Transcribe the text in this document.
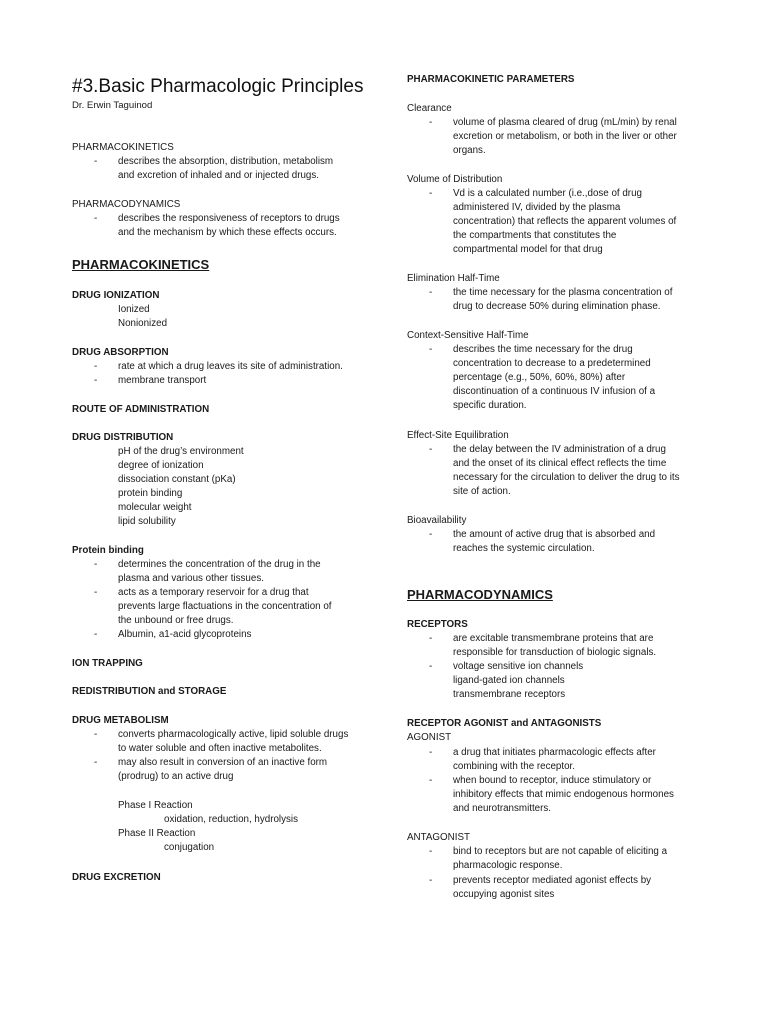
#3.Basic Pharmacologic Principles
Dr. Erwin Taguinod
PHARMACOKINETICS
- describes the absorption, distribution, metabolism
and excretion of inhaled and or injected drugs.
PHARMACODYNAMICS
- describes the responsiveness of receptors to drugs
and the mechanism by which these effects occurs.
PHARMACOKINETICS
DRUG IONIZATION
Ionized
Nonionized
DRUG ABSORPTION
- rate at which a drug leaves its site of administration.
- membrane transport
ROUTE OF ADMINISTRATION
DRUG DISTRIBUTION
pH of the drug’s environment
degree of ionization
dissociation constant (pKa)
protein binding
molecular weight
lipid solubility
Protein binding
- determines the concentration of the drug in the
plasma and various other tissues.
- acts as a temporary reservoir for a drug that
prevents large flactuations in the concentration of
the unbound or free drugs.
- Albumin, a1-acid glycoproteins
ION TRAPPING
REDISTRIBUTION and STORAGE
DRUG METABOLISM
- converts pharmacologically active, lipid soluble drugs
to water soluble and often inactive metabolites.
- may also result in conversion of an inactive form
(prodrug) to an active drug
Phase I Reaction
oxidation, reduction, hydrolysis
Phase II Reaction
conjugation
DRUG EXCRETION
PHARMACOKINETIC PARAMETERS
Clearance
- volume of plasma cleared of drug (mL/min) by renal
excretion or metabolism, or both in the liver or other
organs.
Volume of Distribution
- Vd is a calculated number (i.e.,dose of drug
administered IV, divided by the plasma
concentration) that reflects the apparent volumes of
the compartments that constitutes the
compartmental model for that drug
Elimination Half-Time
- the time necessary for the plasma concentration of
drug to decrease 50% during elimination phase.
Context-Sensitive Half-Time
- describes the time necessary for the drug
concentration to decrease to a predetermined
percentage (e.g., 50%, 60%, 80%) after
discontinuation of a continuous IV infusion of a
specific duration.
Effect-Site Equilibration
- the delay between the IV administration of a drug
and the onset of its clinical effect reflects the time
necessary for the circulation to deliver the drug to its
site of action.
Bioavailability
- the amount of active drug that is absorbed and
reaches the systemic circulation.
PHARMACODYNAMICS
RECEPTORS
- are excitable transmembrane proteins that are
responsible for transduction of biologic signals.
- voltage sensitive ion channels
ligand-gated ion channels
transmembrane receptors
RECEPTOR AGONIST and ANTAGONISTS
AGONIST
- a drug that initiates pharmacologic effects after
combining with the receptor.
- when bound to receptor, induce stimulatory or
inhibitory effects that mimic endogenous hormones
and neurotransmitters.
ANTAGONIST
- bind to receptors but are not capable of eliciting a
pharmacologic response.
- prevents receptor mediated agonist effects by
occupying agonist sites
